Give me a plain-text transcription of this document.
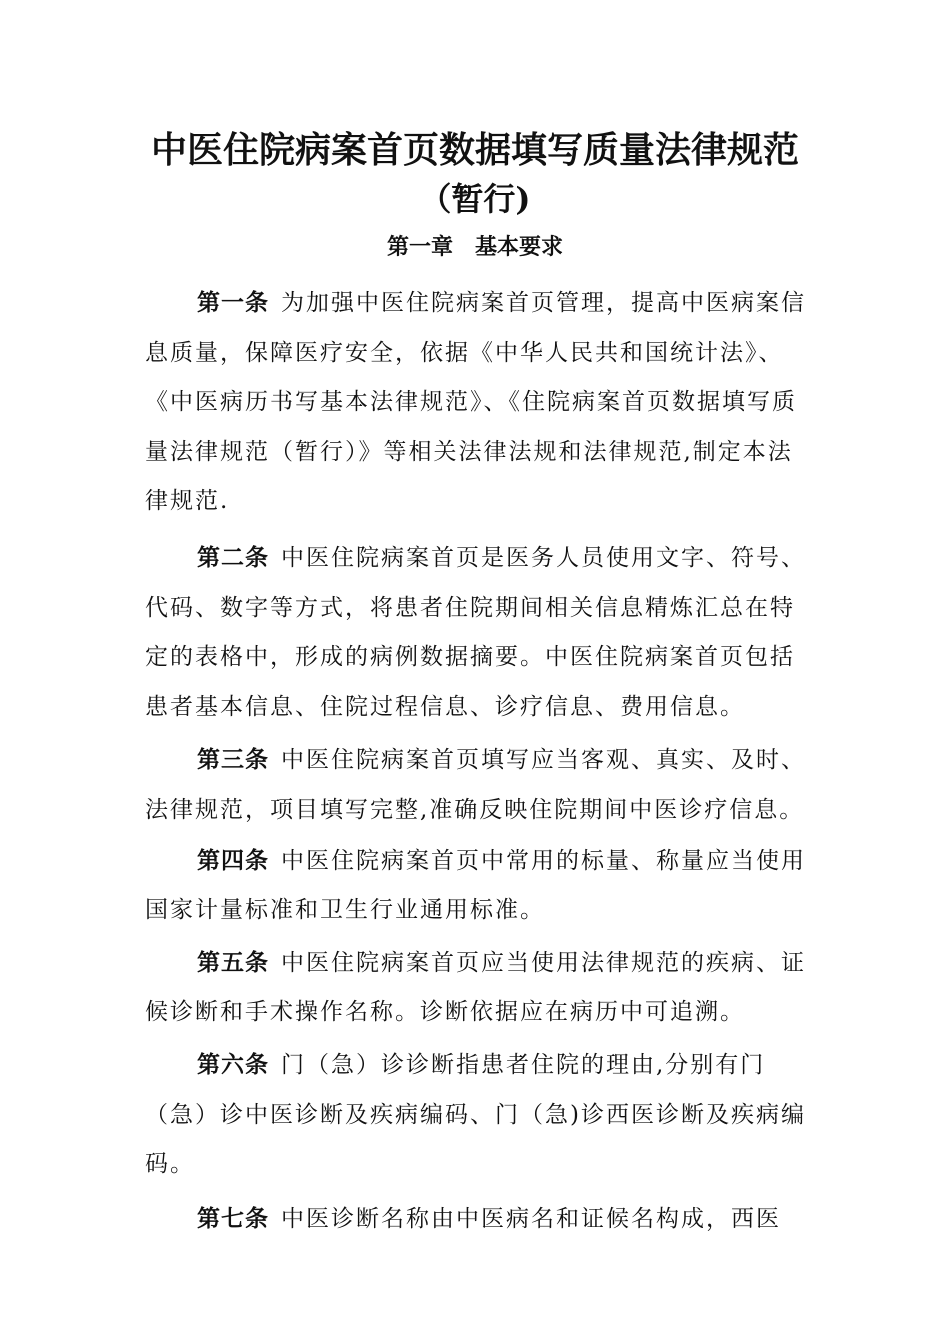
中医住院病案首页数据填写质量法律规范
（暂行)
第一章　基本要求

第一条 为加强中医住院病案首页管理，提高中医病案信息质量，保障医疗安全，依据《中华人民共和国统计法》、《中医病历书写基本法律规范》、《住院病案首页数据填写质量法律规范（暂行）》等相关法律法规和法律规范,制定本法律规范.

第二条 中医住院病案首页是医务人员使用文字、符号、代码、数字等方式，将患者住院期间相关信息精炼汇总在特定的表格中，形成的病例数据摘要。中医住院病案首页包括患者基本信息、住院过程信息、诊疗信息、费用信息。

第三条 中医住院病案首页填写应当客观、真实、及时、法律规范，项目填写完整,准确反映住院期间中医诊疗信息。

第四条 中医住院病案首页中常用的标量、称量应当使用国家计量标准和卫生行业通用标准。

第五条 中医住院病案首页应当使用法律规范的疾病、证候诊断和手术操作名称。诊断依据应在病历中可追溯。

第六条 门（急）诊诊断指患者住院的理由,分别有门（急）诊中医诊断及疾病编码、门（急)诊西医诊断及疾病编码。

第七条 中医诊断名称由中医病名和证候名构成，西医
